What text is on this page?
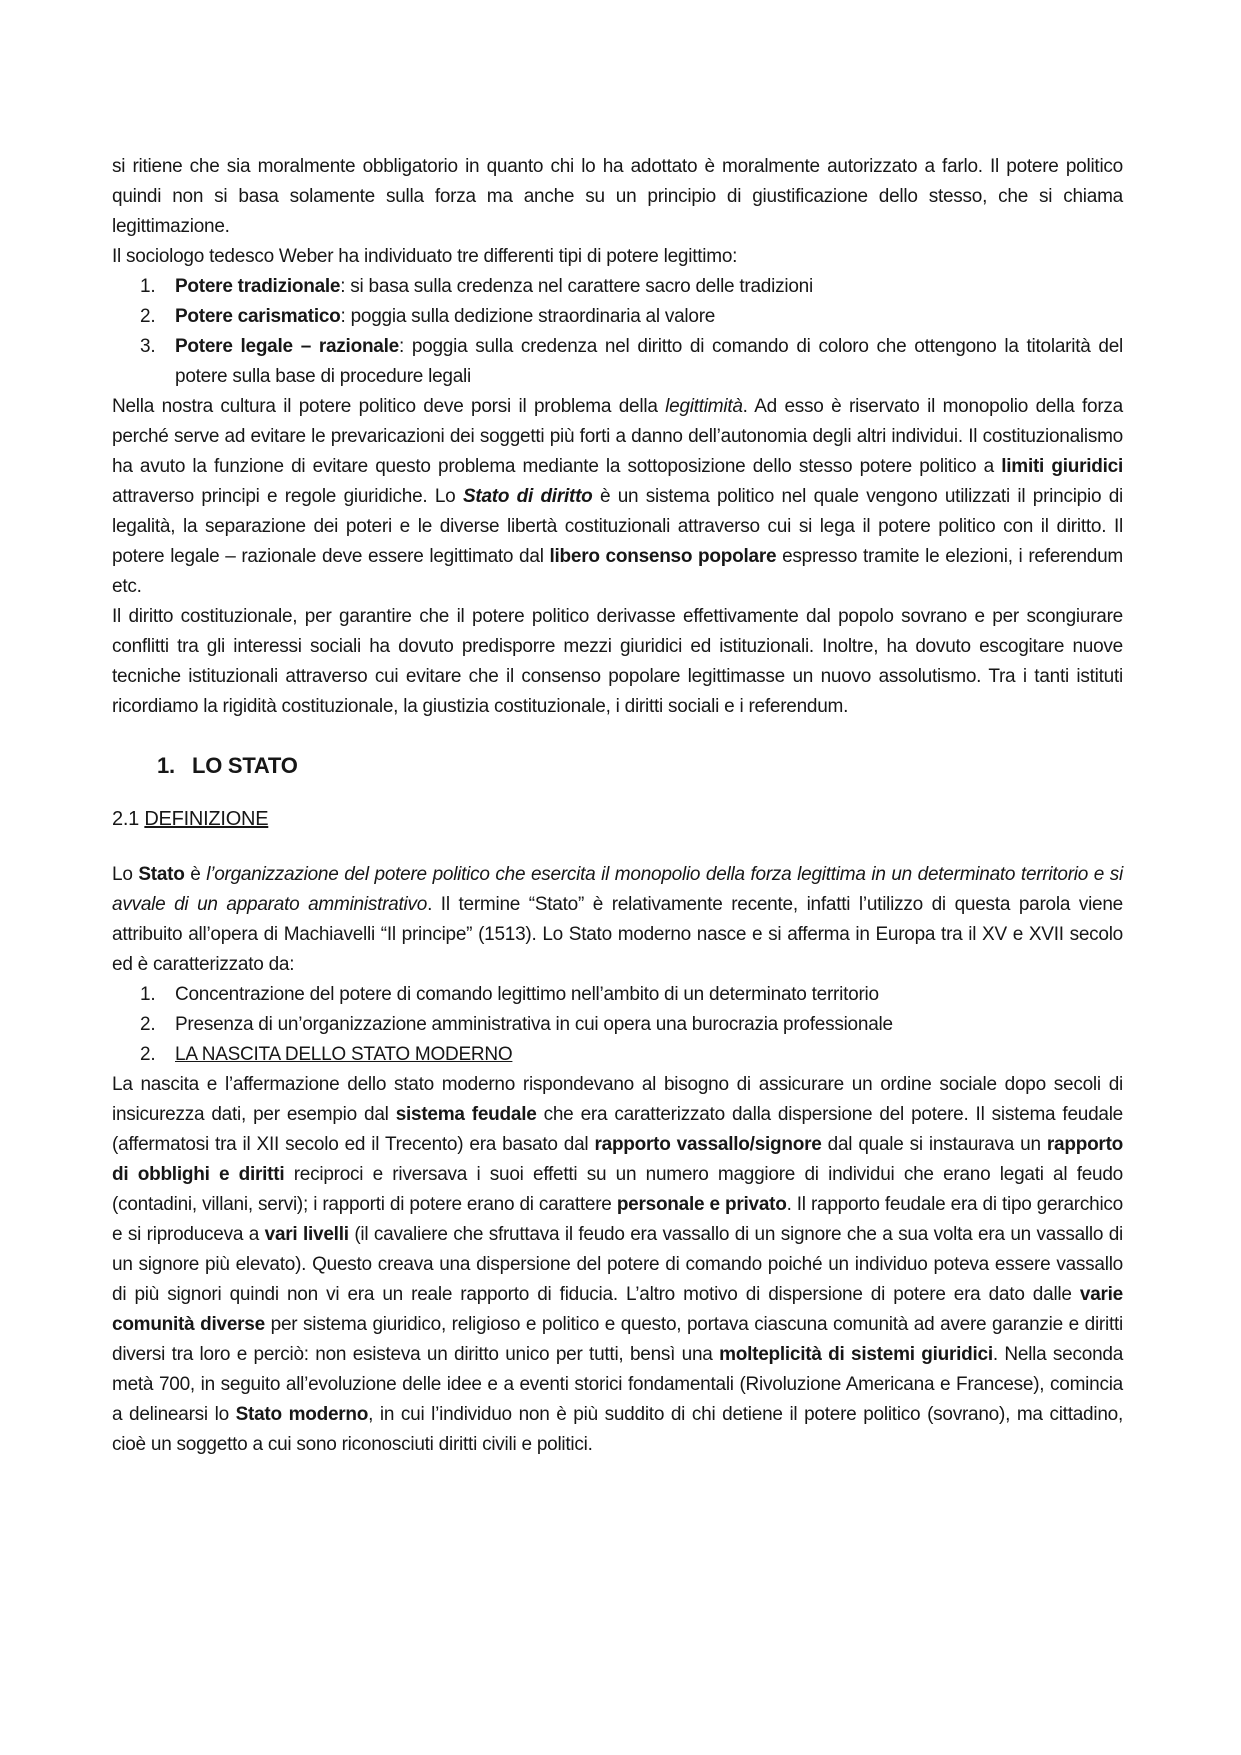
si ritiene che sia moralmente obbligatorio in quanto chi lo ha adottato è moralmente autorizzato a farlo. Il potere politico quindi non si basa solamente sulla forza ma anche su un principio di giustificazione dello stesso, che si chiama legittimazione.

Il sociologo tedesco Weber ha individuato tre differenti tipi di potere legittimo:

1.	Potere tradizionale: si basa sulla credenza nel carattere sacro delle tradizioni
2.	Potere carismatico: poggia sulla dedizione straordinaria al valore
3.	Potere legale – razionale: poggia sulla credenza nel diritto di comando di coloro che ottengono la titolarità del potere sulla base di procedure legali

Nella nostra cultura il potere politico deve porsi il problema della legittimità. Ad esso è riservato il monopolio della forza perché serve ad evitare le prevaricazioni dei soggetti più forti a danno dell’autonomia degli altri individui. Il costituzionalismo ha avuto la funzione di evitare questo problema mediante la sottoposizione dello stesso potere politico a limiti giuridici attraverso principi e regole giuridiche. Lo Stato di diritto è un sistema politico nel quale vengono utilizzati il principio di legalità, la separazione dei poteri e le diverse libertà costituzionali attraverso cui si lega il potere politico con il diritto. Il potere legale – razionale deve essere legittimato dal libero consenso popolare espresso tramite le elezioni, i referendum etc.

Il diritto costituzionale, per garantire che il potere politico derivasse effettivamente dal popolo sovrano e per scongiurare conflitti tra gli interessi sociali ha dovuto predisporre mezzi giuridici ed istituzionali. Inoltre, ha dovuto escogitare nuove tecniche istituzionali attraverso cui evitare che il consenso popolare legittimasse un nuovo assolutismo. Tra i tanti istituti ricordiamo la rigidità costituzionale, la giustizia costituzionale, i diritti sociali e i referendum.

1. LO STATO

2.1 DEFINIZIONE

Lo Stato è l’organizzazione del potere politico che esercita il monopolio della forza legittima in un determinato territorio e si avvale di un apparato amministrativo. Il termine “Stato” è relativamente recente, infatti l’utilizzo di questa parola viene attribuito all’opera di Machiavelli “Il principe” (1513). Lo Stato moderno nasce e si afferma in Europa tra il XV e XVII secolo ed è caratterizzato da:

1.	Concentrazione del potere di comando legittimo nell’ambito di un determinato territorio
2.	Presenza di un’organizzazione amministrativa in cui opera una burocrazia professionale
2.	LA NASCITA DELLO STATO MODERNO

La nascita e l’affermazione dello stato moderno rispondevano al bisogno di assicurare un ordine sociale dopo secoli di insicurezza dati, per esempio dal sistema feudale che era caratterizzato dalla dispersione del potere. Il sistema feudale (affermatosi tra il XII secolo ed il Trecento) era basato dal rapporto vassallo/signore dal quale si instaurava un rapporto di obblighi e diritti reciproci e riversava i suoi effetti su un numero maggiore di individui che erano legati al feudo (contadini, villani, servi); i rapporti di potere erano di carattere personale e privato. Il rapporto feudale era di tipo gerarchico e si riproduceva a vari livelli (il cavaliere che sfruttava il feudo era vassallo di un signore che a sua volta era un vassallo di un signore più elevato). Questo creava una dispersione del potere di comando poiché un individuo poteva essere vassallo di più signori quindi non vi era un reale rapporto di fiducia. L’altro motivo di dispersione di potere era dato dalle varie comunità diverse per sistema giuridico, religioso e politico e questo, portava ciascuna comunità ad avere garanzie e diritti diversi tra loro e perciò: non esisteva un diritto unico per tutti, bensì una molteplicità di sistemi giuridici. Nella seconda metà 700, in seguito all’evoluzione delle idee e a eventi storici fondamentali (Rivoluzione Americana e Francese), comincia a delinearsi lo Stato moderno, in cui l’individuo non è più suddito di chi detiene il potere politico (sovrano), ma cittadino, cioè un soggetto a cui sono riconosciuti diritti civili e politici.
